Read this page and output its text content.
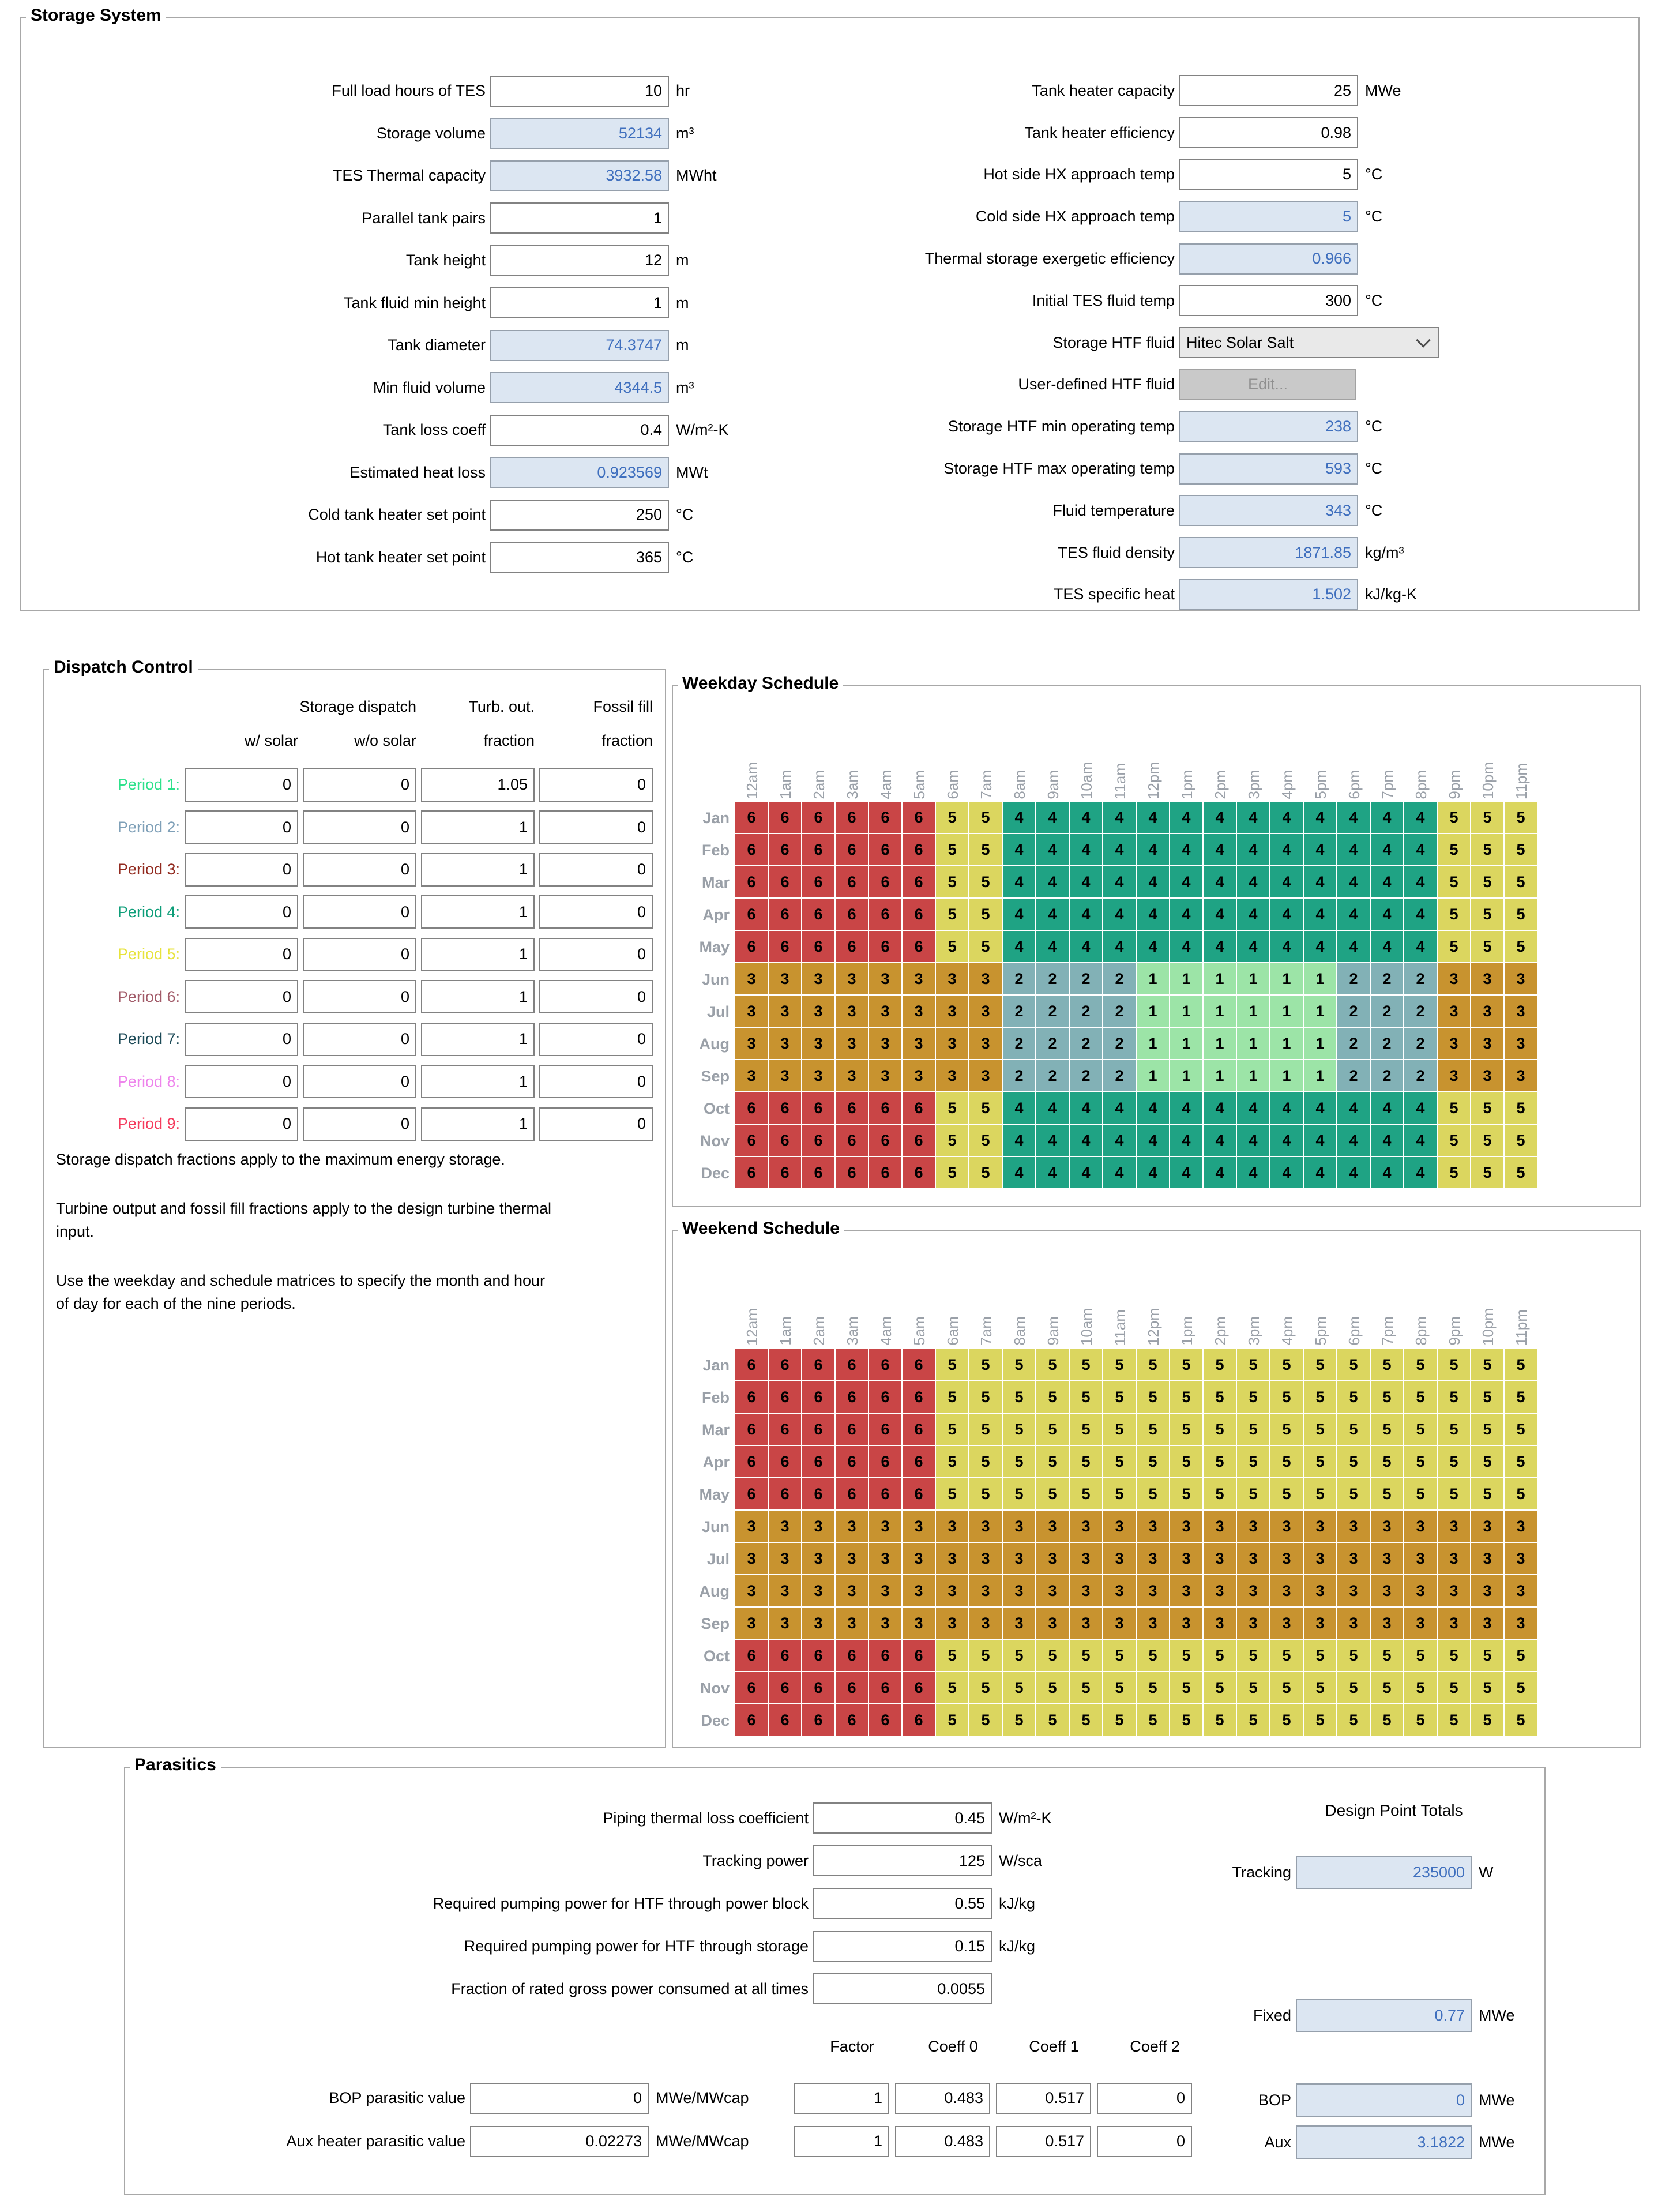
Storage System
Full load hours of TES	10 hr
Storage volume	52134 m³
TES Thermal capacity	3932.58 MWht
Parallel tank pairs	1
Tank height	12 m
Tank fluid min height	1 m
Tank diameter	74.3747 m
Min fluid volume	4344.5 m³
Tank loss coeff	0.4 W/m²-K
Estimated heat loss	0.923569 MWt
Cold tank heater set point	250 °C
Hot tank heater set point	365 °C
Tank heater capacity	25 MWe
Tank heater efficiency	0.98
Hot side HX approach temp	5 °C
Cold side HX approach temp	5 °C
Thermal storage exergetic efficiency	0.966
Initial TES fluid temp	300 °C
Storage HTF fluid Hitec Solar Salt
User-defined HTF fluid	Edit...
Storage HTF min operating temp	238 °C
Storage HTF max operating temp	593 °C
Fluid temperature	343 °C
TES fluid density	1871.85 kg/m³
TES specific heat	1.502 kJ/kg-K
Dispatch Control
Storage dispatch	Turb. out.	Fossil fill
w/ solar	w/o solar	fraction	fraction
Period 1:	0	0	1.05	0
Period 2:	0	0	1	0
Period 3:	0	0	1	0
Period 4:	0	0	1	0
Period 5:	0	0	1	0
Period 6:	0	0	1	0
Period 7:	0	0	1	0
Period 8:	0	0	1	0
Period 9:	0	0	1	0

Storage dispatch fractions apply to the maximum energy storage.

Turbine output and fossil fill fractions apply to the design turbine thermal input.

Use the weekday and schedule matrices to specify the month and hour of day for each of the nine periods.

Weekday Schedule
12am 1am 2am 3am 4am 5am 6am 7am 8am 9am 10am 11am 12pm 1pm 2pm 3pm 4pm 5pm 6pm 7pm 8pm 9pm 10pm 11pm
Jan	6	6	6	6	6	6	5	5	4	4	4	4	4	4	4	4	4	4	4	4	4	5	5	5
Feb	6	6	6	6	6	6	5	5	4	4	4	4	4	4	4	4	4	4	4	4	4	5	5	5
Mar	6	6	6	6	6	6	5	5	4	4	4	4	4	4	4	4	4	4	4	4	4	5	5	5
Apr	6	6	6	6	6	6	5	5	4	4	4	4	4	4	4	4	4	4	4	4	4	5	5	5
May	6	6	6	6	6	6	5	5	4	4	4	4	4	4	4	4	4	4	4	4	4	5	5	5
Jun	3	3	3	3	3	3	3	3	2	2	2	2	1	1	1	1	1	1	2	2	2	3	3	3
Jul	3	3	3	3	3	3	3	3	2	2	2	2	1	1	1	1	1	1	2	2	2	3	3	3
Aug	3	3	3	3	3	3	3	3	2	2	2	2	1	1	1	1	1	1	2	2	2	3	3	3
Sep	3	3	3	3	3	3	3	3	2	2	2	2	1	1	1	1	1	1	2	2	2	3	3	3
Oct	6	6	6	6	6	6	5	5	4	4	4	4	4	4	4	4	4	4	4	4	4	5	5	5
Nov	6	6	6	6	6	6	5	5	4	4	4	4	4	4	4	4	4	4	4	4	4	5	5	5
Dec	6	6	6	6	6	6	5	5	4	4	4	4	4	4	4	4	4	4	4	4	4	5	5	5
Weekend Schedule
12am 1am 2am 3am 4am 5am 6am 7am 8am 9am 10am 11am 12pm 1pm 2pm 3pm 4pm 5pm 6pm 7pm 8pm 9pm 10pm 11pm
Jan	6	6	6	6	6	6	5	5	5	5	5	5	5	5	5	5	5	5	5	5	5	5	5	5
Feb	6	6	6	6	6	6	5	5	5	5	5	5	5	5	5	5	5	5	5	5	5	5	5	5
Mar	6	6	6	6	6	6	5	5	5	5	5	5	5	5	5	5	5	5	5	5	5	5	5	5
Apr	6	6	6	6	6	6	5	5	5	5	5	5	5	5	5	5	5	5	5	5	5	5	5	5
May	6	6	6	6	6	6	5	5	5	5	5	5	5	5	5	5	5	5	5	5	5	5	5	5
Jun	3	3	3	3	3	3	3	3	3	3	3	3	3	3	3	3	3	3	3	3	3	3	3	3
Jul	3	3	3	3	3	3	3	3	3	3	3	3	3	3	3	3	3	3	3	3	3	3	3	3
Aug	3	3	3	3	3	3	3	3	3	3	3	3	3	3	3	3	3	3	3	3	3	3	3	3
Sep	3	3	3	3	3	3	3	3	3	3	3	3	3	3	3	3	3	3	3	3	3	3	3	3
Oct	6	6	6	6	6	6	5	5	5	5	5	5	5	5	5	5	5	5	5	5	5	5	5	5
Nov	6	6	6	6	6	6	5	5	5	5	5	5	5	5	5	5	5	5	5	5	5	5	5	5
Dec	6	6	6	6	6	6	5	5	5	5	5	5	5	5	5	5	5	5	5	5	5	5	5	5
Parasitics
Piping thermal loss coefficient	0.45 W/m²-K
Tracking power	125 W/sca
Required pumping power for HTF through power block	0.55 kJ/kg
Required pumping power for HTF through storage	0.15 kJ/kg
Fraction of rated gross power consumed at all times	0.0055
Factor	Coeff 0	Coeff 1	Coeff 2
BOP parasitic value	0 MWe/MWcap	1	0.483	0.517	0
Aux heater parasitic value	0.02273 MWe/MWcap	1	0.483	0.517	0
Design Point Totals
Tracking	235000 W
Fixed	0.77 MWe
BOP	0 MWe
Aux	3.1822 MWe
